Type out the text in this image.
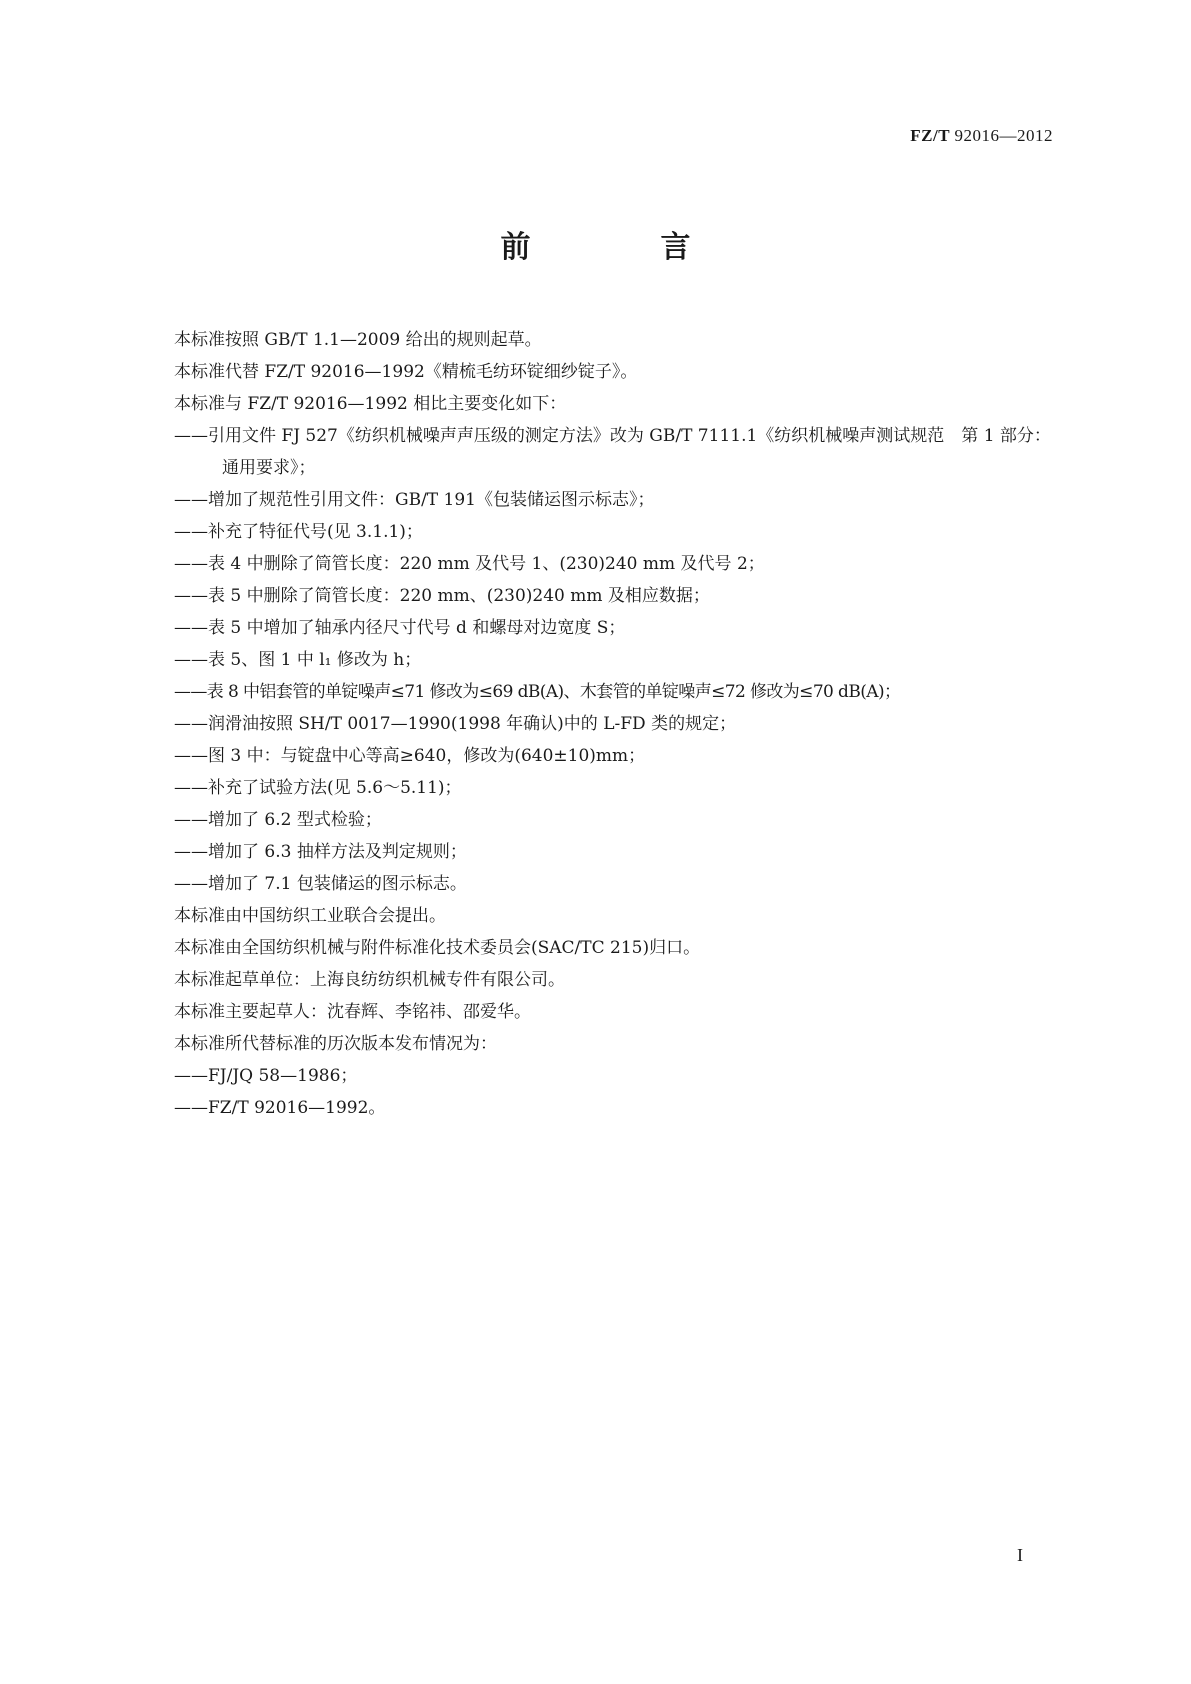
FZ/T 92016—2012
前　言
本标准按照 GB/T 1.1—2009 给出的规则起草。
本标准代替 FZ/T 92016—1992《精梳毛纺环锭细纱锭子》。
本标准与 FZ/T 92016—1992 相比主要变化如下：
——引用文件 FJ 527《纺织机械噪声声压级的测定方法》改为 GB/T 7111.1《纺织机械噪声测试规范　第 1 部分：通用要求》；
——增加了规范性引用文件：GB/T 191《包装储运图示标志》；
——补充了特征代号(见 3.1.1)；
——表 4 中删除了筒管长度：220 mm 及代号 1、(230)240 mm 及代号 2；
——表 5 中删除了筒管长度：220 mm、(230)240 mm 及相应数据；
——表 5 中增加了轴承内径尺寸代号 d 和螺母对边宽度 S；
——表 5、图 1 中 l₁ 修改为 h；
——表 8 中铝套管的单锭噪声≤71 修改为≤69 dB(A)、木套管的单锭噪声≤72 修改为≤70 dB(A)；
——润滑油按照 SH/T 0017—1990(1998 年确认)中的 L-FD 类的规定；
——图 3 中：与锭盘中心等高≥640，修改为(640±10)mm；
——补充了试验方法(见 5.6～5.11)；
——增加了 6.2 型式检验；
——增加了 6.3 抽样方法及判定规则；
——增加了 7.1 包装储运的图示标志。
本标准由中国纺织工业联合会提出。
本标准由全国纺织机械与附件标准化技术委员会(SAC/TC 215)归口。
本标准起草单位：上海良纺纺织机械专件有限公司。
本标准主要起草人：沈春辉、李铭祎、邵爱华。
本标准所代替标准的历次版本发布情况为：
——FJ/JQ 58—1986；
——FZ/T 92016—1992。
I
